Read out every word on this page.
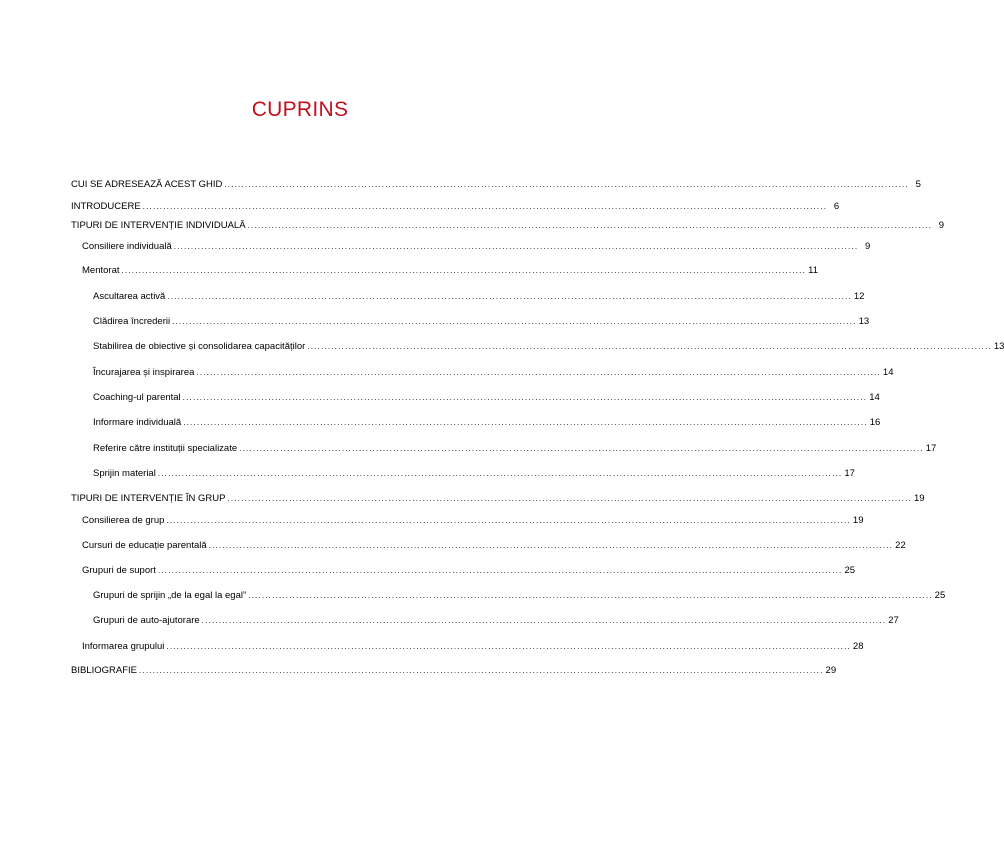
CUPRINS
CUI SE ADRESEAZĂ ACEST GHID ........................................................................................................................................................................................................ 5
INTRODUCERE ........................................................................................................................................................................................................ 6
TIPURI DE INTERVENȚIE INDIVIDUALĂ ........................................................................................................................................................................................................ 9
Consiliere individuală ........................................................................................................................................................................................................ 9
Mentorat ........................................................................................................................................................................................................ 11
Ascultarea activă ........................................................................................................................................................................................................ 12
Clădirea încrederii ........................................................................................................................................................................................................ 13
Stabilirea de obiective și consolidarea capacităților ........................................................................................................................................................................................................ 13
Încurajarea și inspirarea ........................................................................................................................................................................................................ 14
Coaching-ul parental ........................................................................................................................................................................................................ 14
Informare individuală ........................................................................................................................................................................................................ 16
Referire către instituții specializate ........................................................................................................................................................................................................ 17
Sprijin material ........................................................................................................................................................................................................ 17
TIPURI DE INTERVENȚIE ÎN GRUP ........................................................................................................................................................................................................ 19
Consilierea de grup ........................................................................................................................................................................................................ 19
Cursuri de educație parentală ........................................................................................................................................................................................................ 22
Grupuri de suport ........................................................................................................................................................................................................ 25
Grupuri de sprijin „de la egal la egal” ........................................................................................................................................................................................................ 25
Grupuri de auto-ajutorare ........................................................................................................................................................................................................ 27
Informarea grupului ........................................................................................................................................................................................................ 28
BIBLIOGRAFIE ........................................................................................................................................................................................................ 29
